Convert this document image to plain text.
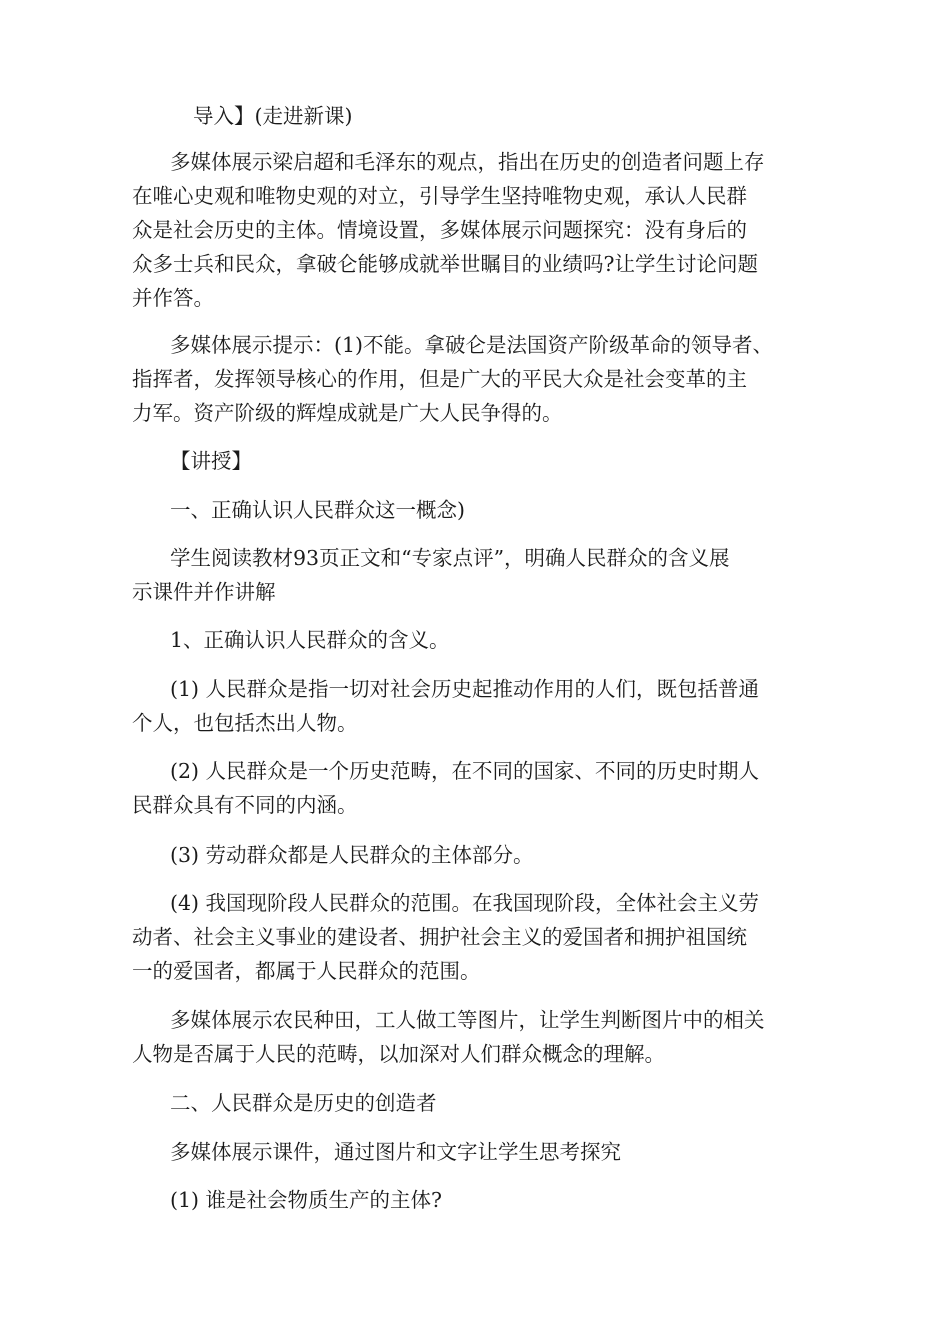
导入】(走进新课)
多媒体展示梁启超和毛泽东的观点，指出在历史的创造者问题上存
在唯心史观和唯物史观的对立，引导学生坚持唯物史观，承认人民群
众是社会历史的主体。情境设置，多媒体展示问题探究：没有身后的
众多士兵和民众，拿破仑能够成就举世瞩目的业绩吗?让学生讨论问题
并作答。
多媒体展示提示：(1)不能。拿破仑是法国资产阶级革命的领导者、
指挥者，发挥领导核心的作用，但是广大的平民大众是社会变革的主
力军。资产阶级的辉煌成就是广大人民争得的。
【讲授】
一、正确认识人民群众这一概念)
学生阅读教材93页正文和“专家点评”，明确人民群众的含义展
示课件并作讲解
1、正确认识人民群众的含义。
(1) 人民群众是指一切对社会历史起推动作用的人们，既包括普通
个人，也包括杰出人物。
(2) 人民群众是一个历史范畴，在不同的国家、不同的历史时期人
民群众具有不同的内涵。
(3) 劳动群众都是人民群众的主体部分。
(4) 我国现阶段人民群众的范围。在我国现阶段，全体社会主义劳
动者、社会主义事业的建设者、拥护社会主义的爱国者和拥护祖国统
一的爱国者，都属于人民群众的范围。
多媒体展示农民种田，工人做工等图片，让学生判断图片中的相关
人物是否属于人民的范畴，以加深对人们群众概念的理解。
二、人民群众是历史的创造者
多媒体展示课件，通过图片和文字让学生思考探究
(1) 谁是社会物质生产的主体?
